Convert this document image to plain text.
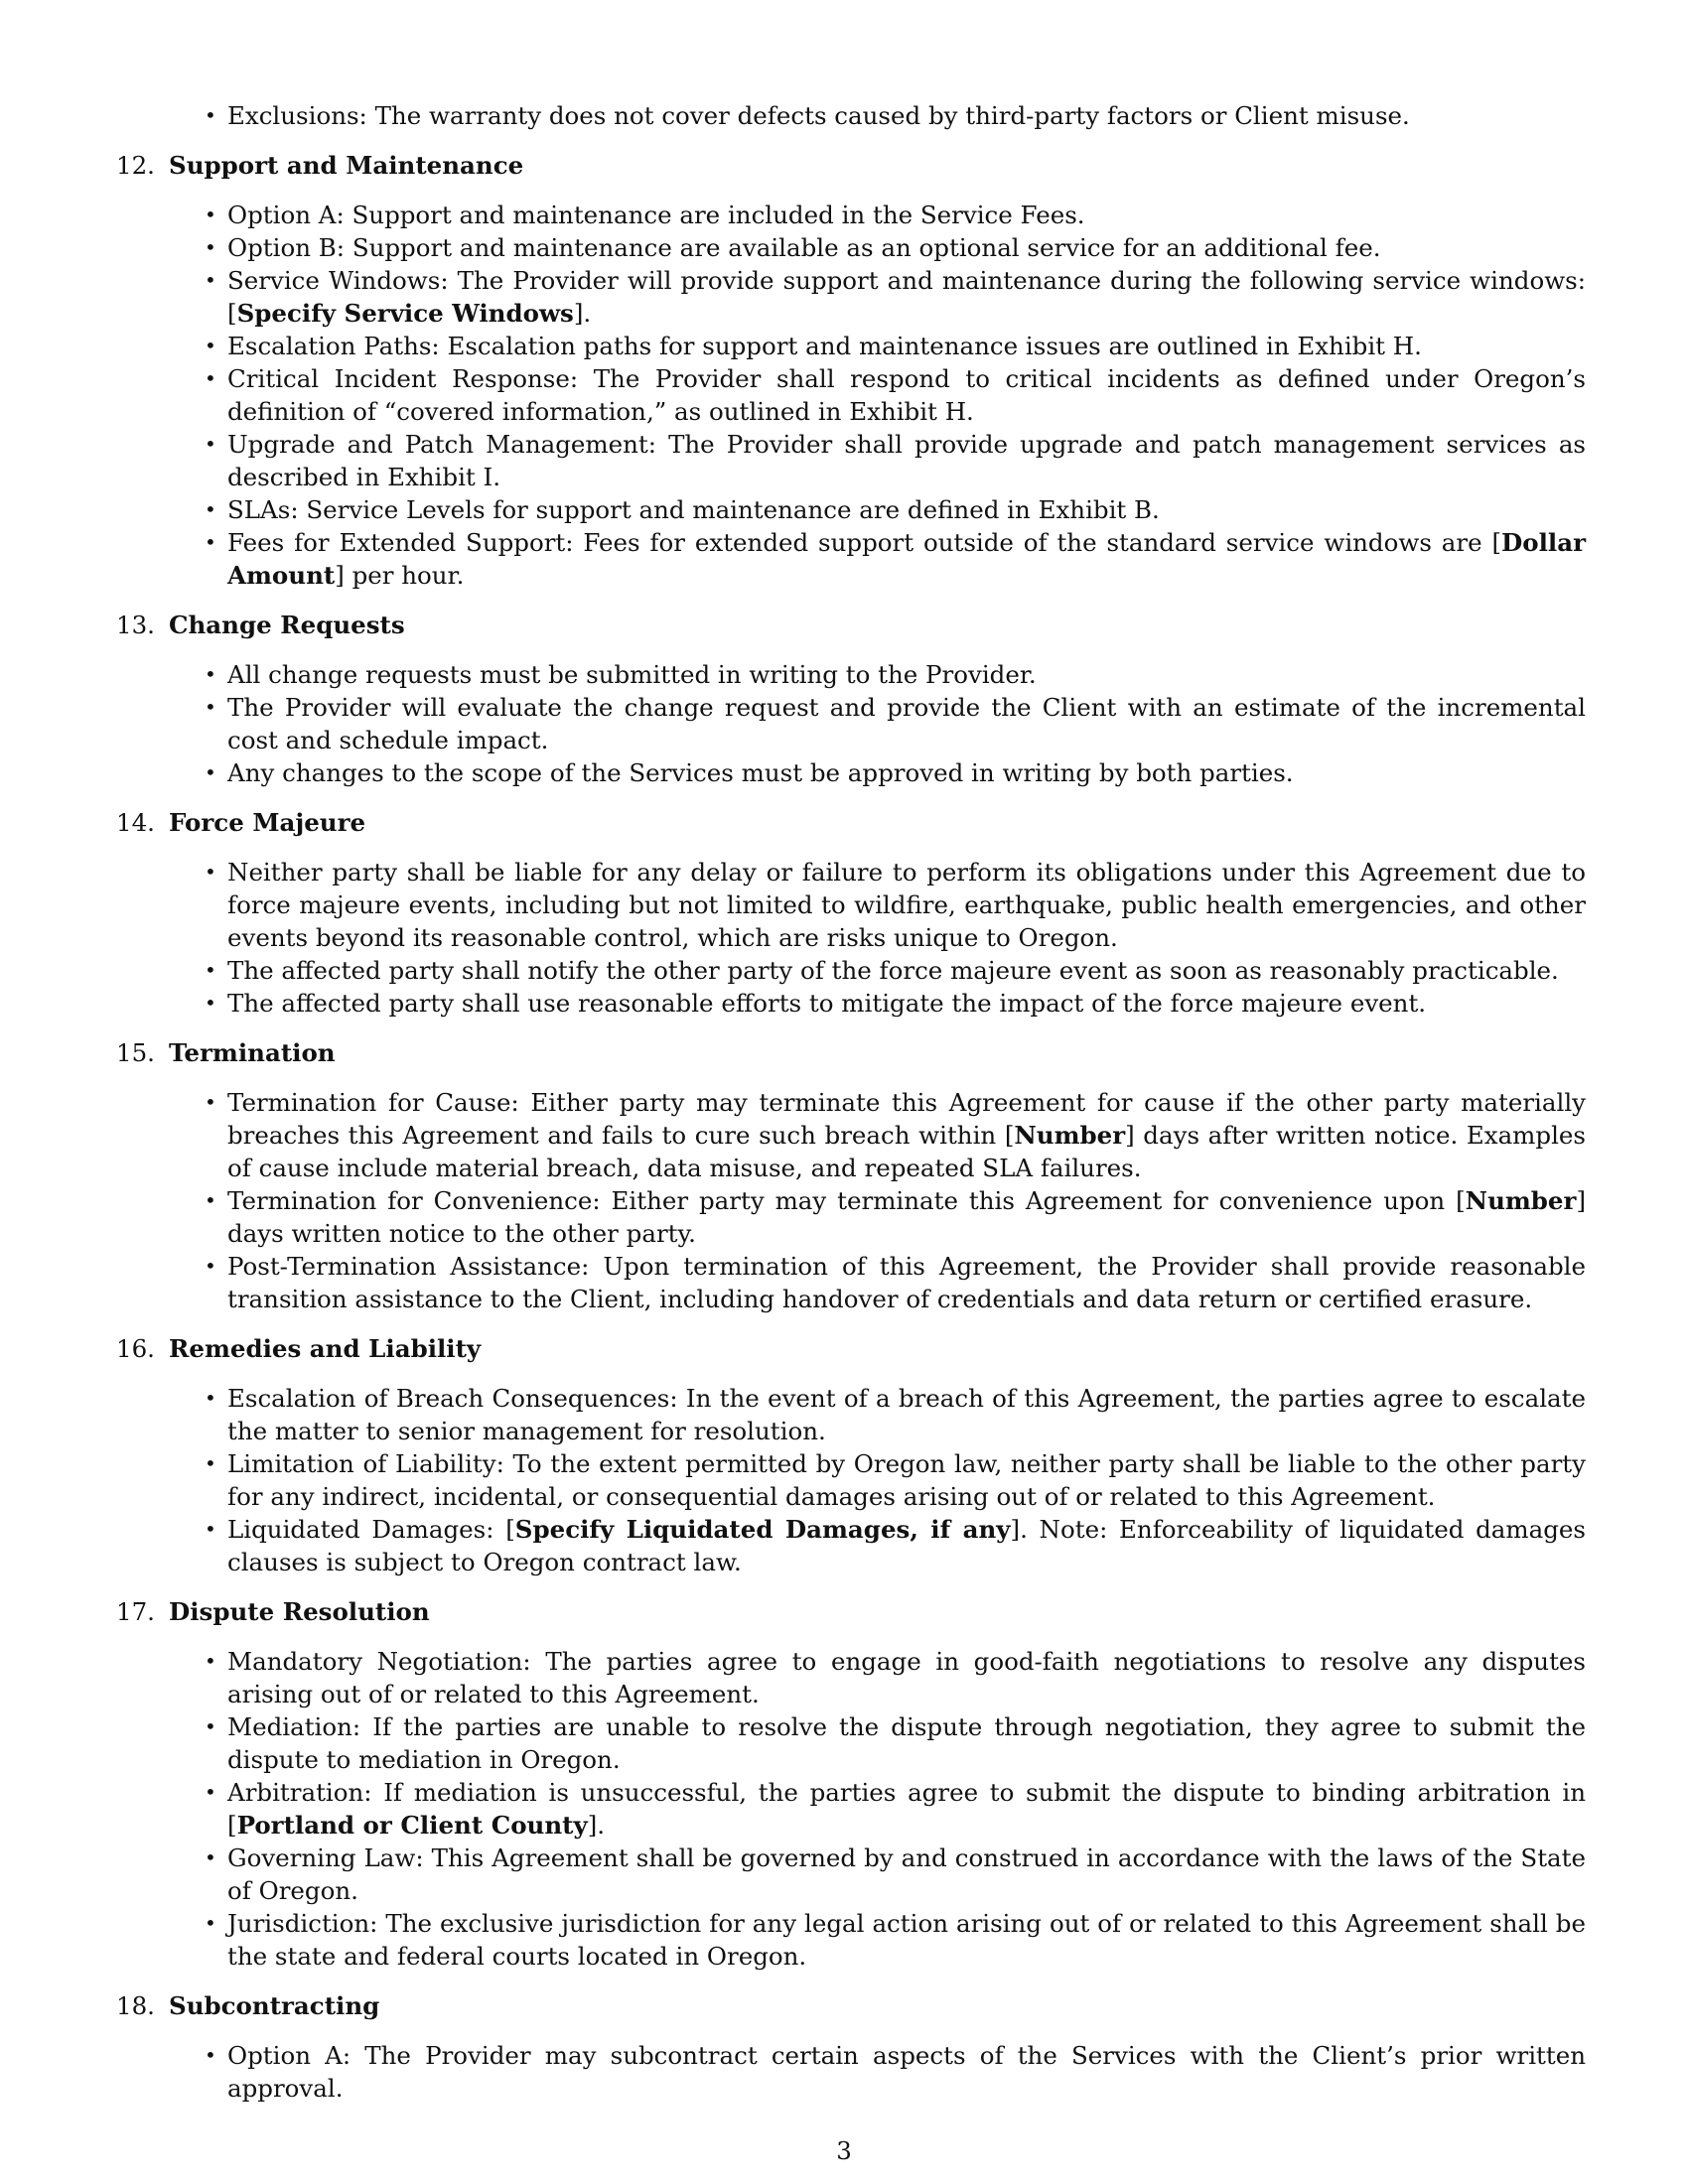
• Exclusions: The warranty does not cover defects caused by third-party factors or Client misuse.
12. Support and Maintenance
• Option A: Support and maintenance are included in the Service Fees.
• Option B: Support and maintenance are available as an optional service for an additional fee.
• Service Windows: The Provider will provide support and maintenance during the following service windows: [Specify Service Windows].
• Escalation Paths: Escalation paths for support and maintenance issues are outlined in Exhibit H.
• Critical Incident Response: The Provider shall respond to critical incidents as defined under Oregon’s definition of “covered information,” as outlined in Exhibit H.
• Upgrade and Patch Management: The Provider shall provide upgrade and patch management services as described in Exhibit I.
• SLAs: Service Levels for support and maintenance are defined in Exhibit B.
• Fees for Extended Support: Fees for extended support outside of the standard service windows are [Dollar Amount] per hour.
13. Change Requests
• All change requests must be submitted in writing to the Provider.
• The Provider will evaluate the change request and provide the Client with an estimate of the incremental cost and schedule impact.
• Any changes to the scope of the Services must be approved in writing by both parties.
14. Force Majeure
• Neither party shall be liable for any delay or failure to perform its obligations under this Agreement due to force majeure events, including but not limited to wildfire, earthquake, public health emergencies, and other events beyond its reasonable control, which are risks unique to Oregon.
• The affected party shall notify the other party of the force majeure event as soon as reasonably practicable.
• The affected party shall use reasonable efforts to mitigate the impact of the force majeure event.
15. Termination
• Termination for Cause: Either party may terminate this Agreement for cause if the other party materially breaches this Agreement and fails to cure such breach within [Number] days after written notice. Examples of cause include material breach, data misuse, and repeated SLA failures.
• Termination for Convenience: Either party may terminate this Agreement for convenience upon [Number] days written notice to the other party.
• Post-Termination Assistance: Upon termination of this Agreement, the Provider shall provide reasonable transition assistance to the Client, including handover of credentials and data return or certified erasure.
16. Remedies and Liability
• Escalation of Breach Consequences: In the event of a breach of this Agreement, the parties agree to escalate the matter to senior management for resolution.
• Limitation of Liability: To the extent permitted by Oregon law, neither party shall be liable to the other party for any indirect, incidental, or consequential damages arising out of or related to this Agreement.
• Liquidated Damages: [Specify Liquidated Damages, if any]. Note: Enforceability of liquidated damages clauses is subject to Oregon contract law.
17. Dispute Resolution
• Mandatory Negotiation: The parties agree to engage in good-faith negotiations to resolve any disputes arising out of or related to this Agreement.
• Mediation: If the parties are unable to resolve the dispute through negotiation, they agree to submit the dispute to mediation in Oregon.
• Arbitration: If mediation is unsuccessful, the parties agree to submit the dispute to binding arbitration in [Portland or Client County].
• Governing Law: This Agreement shall be governed by and construed in accordance with the laws of the State of Oregon.
• Jurisdiction: The exclusive jurisdiction for any legal action arising out of or related to this Agreement shall be the state and federal courts located in Oregon.
18. Subcontracting
• Option A: The Provider may subcontract certain aspects of the Services with the Client’s prior written approval.
3
